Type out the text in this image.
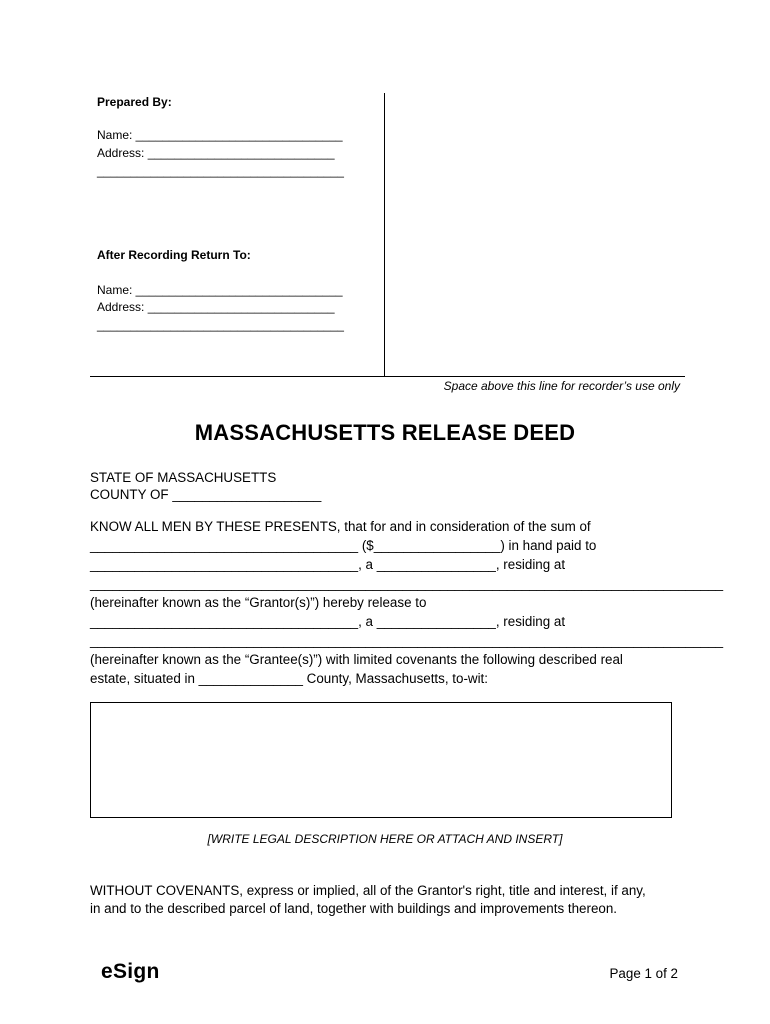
Prepared By:
Name: _______________________________
Address: ____________________________
_____________________________________
After Recording Return To:
Name: _______________________________
Address: ____________________________
_____________________________________
Space above this line for recorder’s use only
MASSACHUSETTS RELEASE DEED
STATE OF MASSACHUSETTS
COUNTY OF ____________________
KNOW ALL MEN BY THESE PRESENTS, that for and in consideration of the sum of
____________________________________ ($_________________) in hand paid to
____________________________________, a ________________, residing at
_____________________________________________________________________________________
(hereinafter known as the “Grantor(s)”) hereby release to
____________________________________, a ________________, residing at
_____________________________________________________________________________________
(hereinafter known as the “Grantee(s)”) with limited covenants the following described real
estate, situated in ______________ County, Massachusetts, to-wit:
[WRITE LEGAL DESCRIPTION HERE OR ATTACH AND INSERT]
WITHOUT COVENANTS, express or implied, all of the Grantor's right, title and interest, if any,
in and to the described parcel of land, together with buildings and improvements thereon.
eSign	Page 1 of 2
